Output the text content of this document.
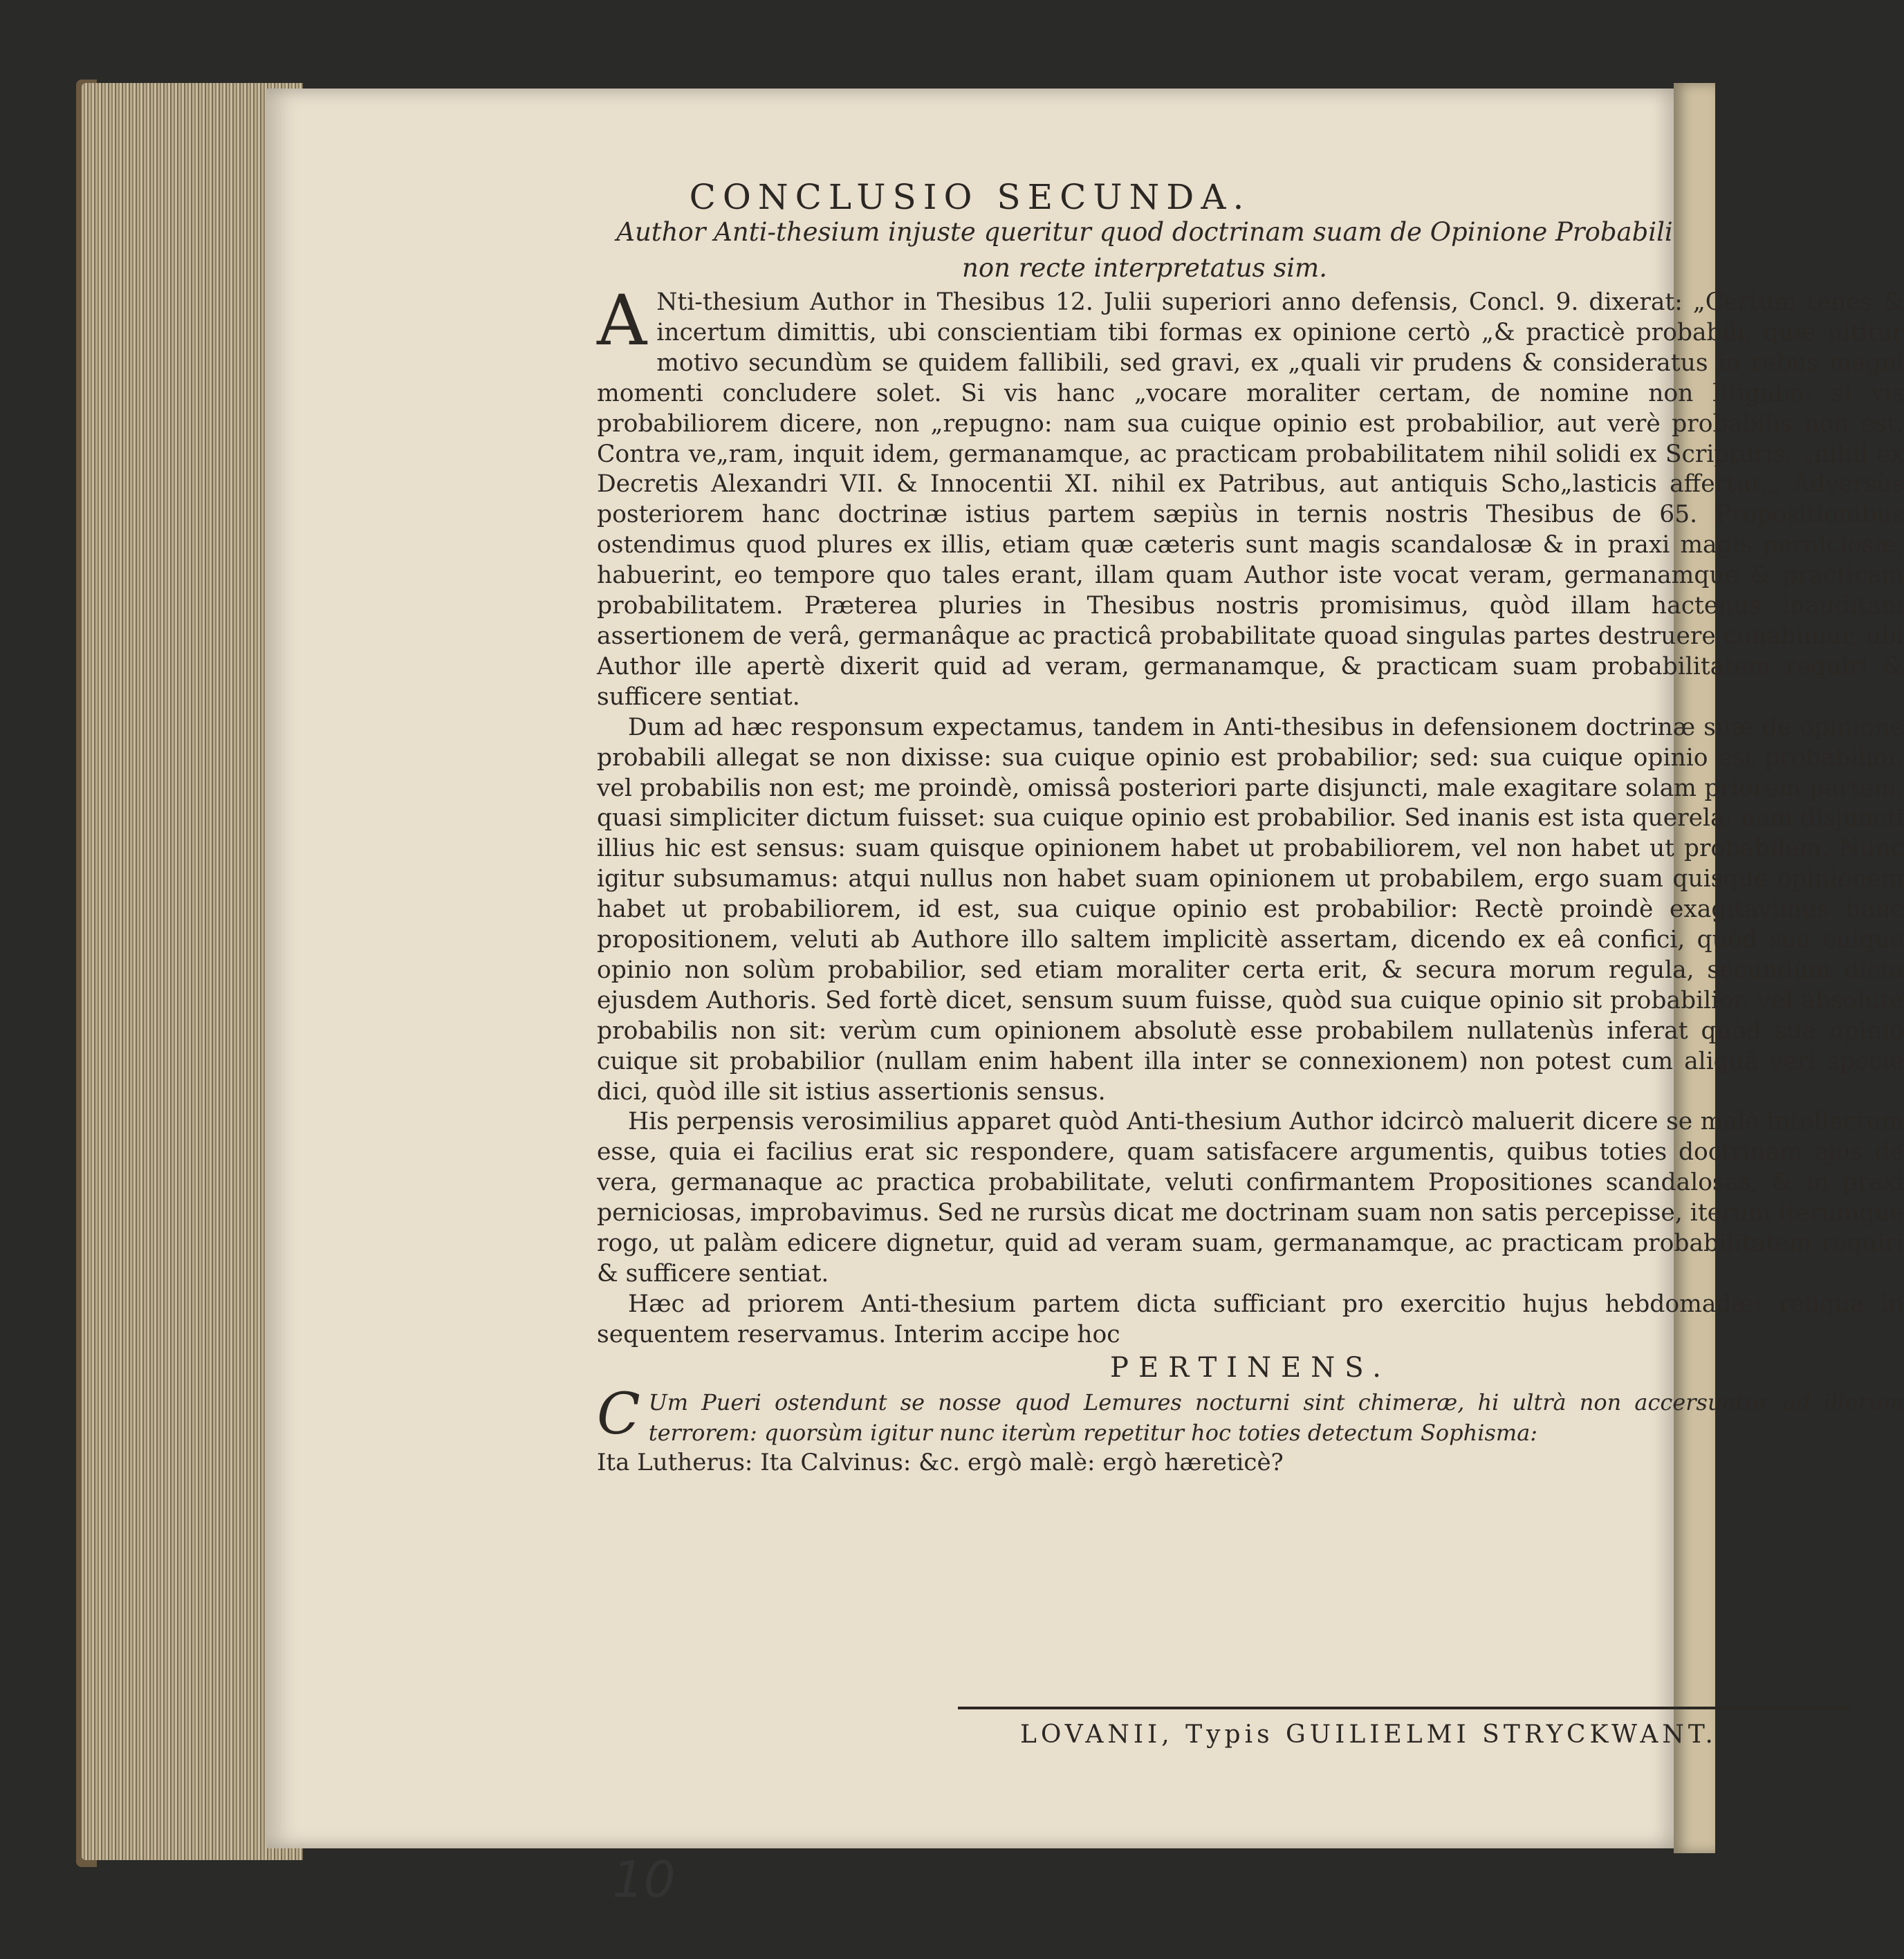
CONCLUSIO SECUNDA.
Author Anti-thesium injuste queritur quod doctrinam suam de Opinione Probabili non recte interpretatus sim.

A Nti-thesium Author in Thesibus 12. Julii superiori anno defensis, Concl. 9. dixerat: „Certum tenes & incertum dimittis, ubi conscientiam tibi formas ex opinione certò „& practicè probabili, quæ nititur motivo secundùm se quidem fallibili, sed gravi, ex „quali vir prudens & consideratus in rebus magni momenti concludere solet. Si vis hanc „vocare moraliter certam, de nomine non litigabo: si vis probabiliorem dicere, non „repugno: nam sua cuique opinio est probabilior, aut verè probabilis non est. Contra ve„ram, inquit idem, germanamque, ac practicam probabilitatem nihil solidi ex Scripturis, „nihil ex Decretis Alexandri VII. & Innocentii XI. nihil ex Patribus, aut antiquis Scho„lasticis affertur.„ Adversùs posteriorem hanc doctrinæ istius partem sæpiùs in ternis nostris Thesibus de 65. Propositionibus ostendimus quod plures ex illis, etiam quæ cæteris sunt magis scandalosæ & in praxi magis perniciosæ, habuerint, eo tempore quo tales erant, illam quam Author iste vocat veram, germanamque & practicam probabilitatem. Præterea pluries in Thesibus nostris promisimus, quòd illam hactenus inauditam assertionem de verâ, germanâque ac practicâ probabilitate quoad singulas partes destruere conabimur, ubi Author ille apertè dixerit quid ad veram, germanamque, & practicam suam probabilitatem requiri & sufficere sentiat.

Dum ad hæc responsum expectamus, tandem in Anti-thesibus in defensionem doctrinæ suæ de opinione probabili allegat se non dixisse: sua cuique opinio est probabilior; sed: sua cuique opinio est probabilior, vel probabilis non est; me proindè, omissâ posteriori parte disjuncti, male exagitare solam priorem partem, quasi simpliciter dictum fuisset: sua cuique opinio est probabilior. Sed inanis est ista querela: nam disjuncti illius hic est sensus: suam quisque opinionem habet ut probabiliorem, vel non habet ut probabilem. Nunc igitur subsumamus: atqui nullus non habet suam opinionem ut probabilem, ergo suam quisque opinionem habet ut probabiliorem, id est, sua cuique opinio est probabilior: Rectè proindè exagitavimus hanc propositionem, veluti ab Authore illo saltem implicitè assertam, dicendo ex eâ confici, quòd sua cuique opinio non solùm probabilior, sed etiam moraliter certa erit, & secura morum regula, secundùm dicta ejusdem Authoris. Sed fortè dicet, sensum suum fuisse, quòd sua cuique opinio sit probabilior, vel absolutè probabilis non sit: verùm cum opinionem absolutè esse probabilem nullatenùs inferat quòd sua opinio cuique sit probabilior (nullam enim habent illa inter se connexionem) non potest cum aliquâ veri specie dici, quòd ille sit istius assertionis sensus.

His perpensis verosimilius apparet quòd Anti-thesium Author idcircò maluerit dicere se malè intellectum esse, quia ei facilius erat sic respondere, quam satisfacere argumentis, quibus toties doctrinam ejus de vera, germanaque ac practica probabilitate, veluti confirmantem Propositiones scandalosas, & in praxi perniciosas, improbavimus. Sed ne rursùs dicat me doctrinam suam non satis percepisse, iterùm iterumque rogo, ut palàm edicere dignetur, quid ad veram suam, germanamque, ac practicam probabilitatem requiri & sufficere sentiat.

Hæc ad priorem Anti-thesium partem dicta sufficiant pro exercitio hujus hebdomadæ: reliqua in sequentem reservamus. Interim accipe hoc

PERTINENS.

C Um Pueri ostendunt se nosse quod Lemures nocturni sint chimeræ, hi ultrà non accersuntur ad illorum terrorem: quorsùm igitur nunc iterùm repetitur hoc toties detectum Sophisma:

Ita Lutherus: Ita Calvinus: &c. ergò malè: ergò hæreticè?

LOVANII, Typis GUILIELMI STRYCKWANT.
10
